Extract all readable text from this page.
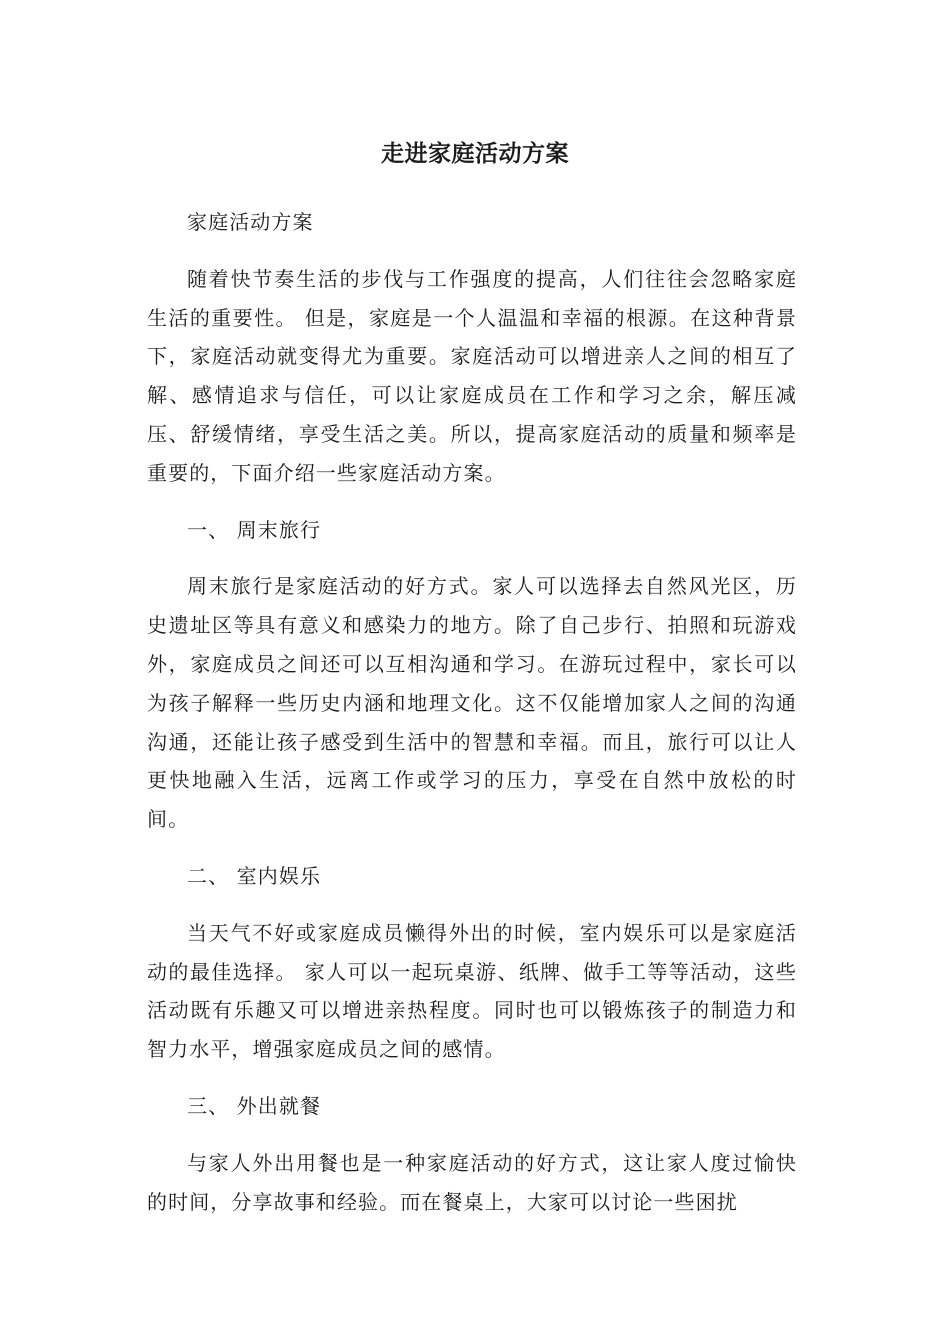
走进家庭活动方案

家庭活动方案

随着快节奏生活的步伐与工作强度的提高，人们往往会忽略家庭生活的重要性。 但是，家庭是一个人温温和幸福的根源。在这种背景下，家庭活动就变得尤为重要。家庭活动可以增进亲人之间的相互了解、感情追求与信任，可以让家庭成员在工作和学习之余，解压减压、舒缓情绪，享受生活之美。所以，提高家庭活动的质量和频率是重要的，下面介绍一些家庭活动方案。

一、 周末旅行

周末旅行是家庭活动的好方式。家人可以选择去自然风光区，历史遗址区等具有意义和感染力的地方。除了自己步行、拍照和玩游戏外，家庭成员之间还可以互相沟通和学习。在游玩过程中，家长可以为孩子解释一些历史内涵和地理文化。这不仅能增加家人之间的沟通沟通，还能让孩子感受到生活中的智慧和幸福。而且，旅行可以让人更快地融入生活，远离工作或学习的压力，享受在自然中放松的时间。

二、 室内娱乐

当天气不好或家庭成员懒得外出的时候，室内娱乐可以是家庭活动的最佳选择。 家人可以一起玩桌游、纸牌、做手工等等活动，这些活动既有乐趣又可以增进亲热程度。同时也可以锻炼孩子的制造力和智力水平，增强家庭成员之间的感情。

三、 外出就餐

与家人外出用餐也是一种家庭活动的好方式，这让家人度过愉快的时间，分享故事和经验。而在餐桌上，大家可以讨论一些困扰
